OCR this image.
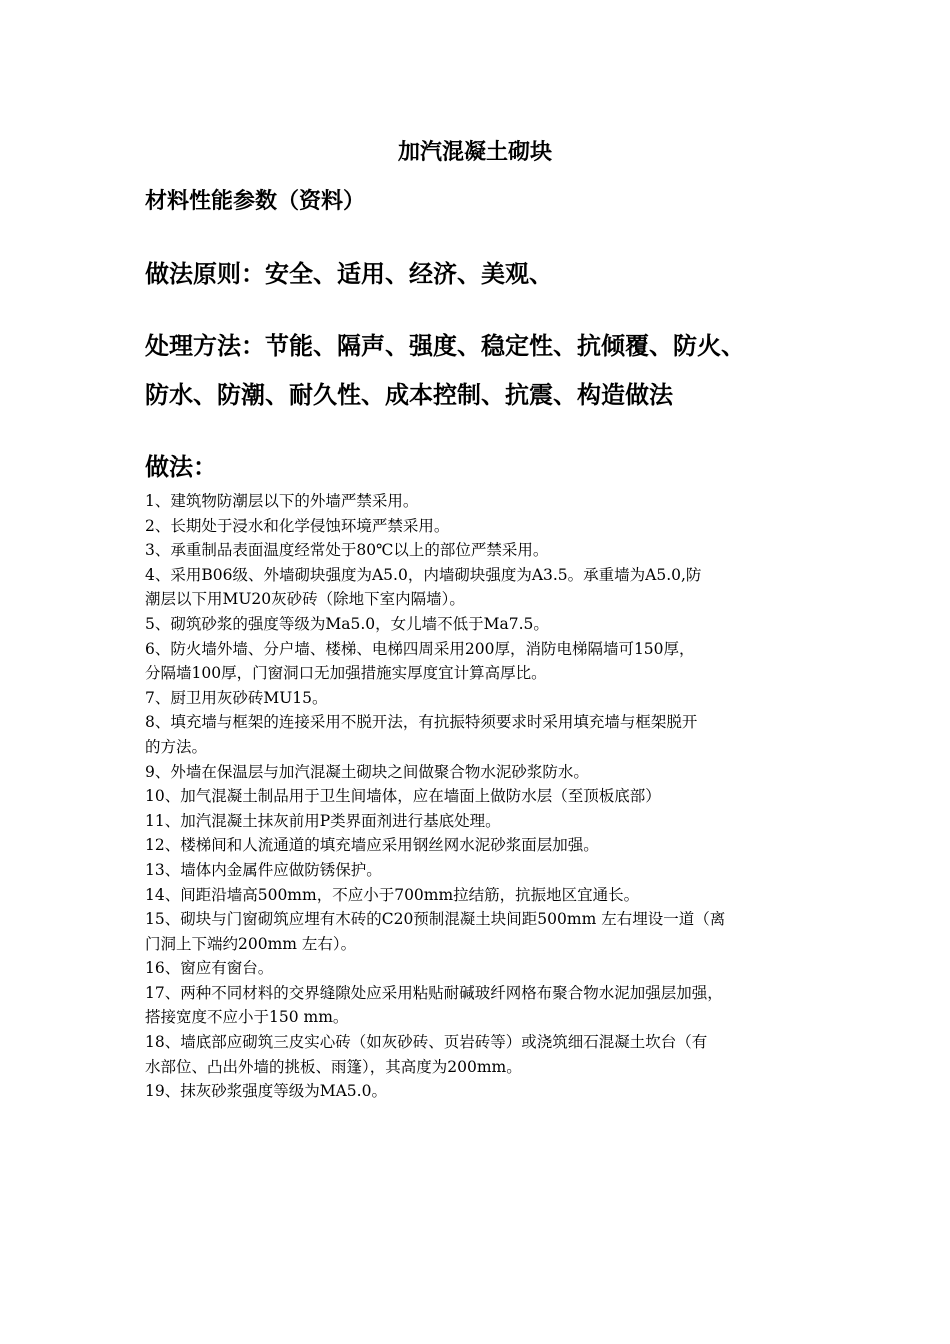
加汽混凝土砌块
材料性能参数（资料）
做法原则：安全、适用、经济、美观、
处理方法：节能、隔声、强度、稳定性、抗倾覆、防火、
防水、防潮、耐久性、成本控制、抗震、构造做法
做法：
1、建筑物防潮层以下的外墙严禁采用。
2、长期处于浸水和化学侵蚀环境严禁采用。
3、承重制品表面温度经常处于80℃以上的部位严禁采用。
4、采用B06级、外墙砌块强度为A5.0，内墙砌块强度为A3.5。承重墙为A5.0,防
潮层以下用MU20灰砂砖（除地下室内隔墙）。
5、砌筑砂浆的强度等级为Ma5.0，女儿墙不低于Ma7.5。
6、防火墙外墙、分户墙、楼梯、电梯四周采用200厚，消防电梯隔墙可150厚，
分隔墙100厚，门窗洞口无加强措施实厚度宜计算高厚比。
7、厨卫用灰砂砖MU15。
8、填充墙与框架的连接采用不脱开法，有抗振特须要求时采用填充墙与框架脱开
的方法。
9、外墙在保温层与加汽混凝土砌块之间做聚合物水泥砂浆防水。
10、加气混凝土制品用于卫生间墙体，应在墙面上做防水层（至顶板底部）
11、加汽混凝土抹灰前用P类界面剂进行基底处理。
12、楼梯间和人流通道的填充墙应采用钢丝网水泥砂浆面层加强。
13、墙体内金属件应做防锈保护。
14、间距沿墙高500mm，不应小于700mm拉结筋，抗振地区宜通长。
15、砌块与门窗砌筑应埋有木砖的C20预制混凝土块间距500mm 左右埋设一道（离
门洞上下端约200mm 左右）。
16、窗应有窗台。
17、两种不同材料的交界缝隙处应采用粘贴耐碱玻纤网格布聚合物水泥加强层加强，
搭接宽度不应小于150 mm。
18、墙底部应砌筑三皮实心砖（如灰砂砖、页岩砖等）或浇筑细石混凝土坎台（有
水部位、凸出外墙的挑板、雨篷），其高度为200mm。
19、抹灰砂浆强度等级为MA5.0。
